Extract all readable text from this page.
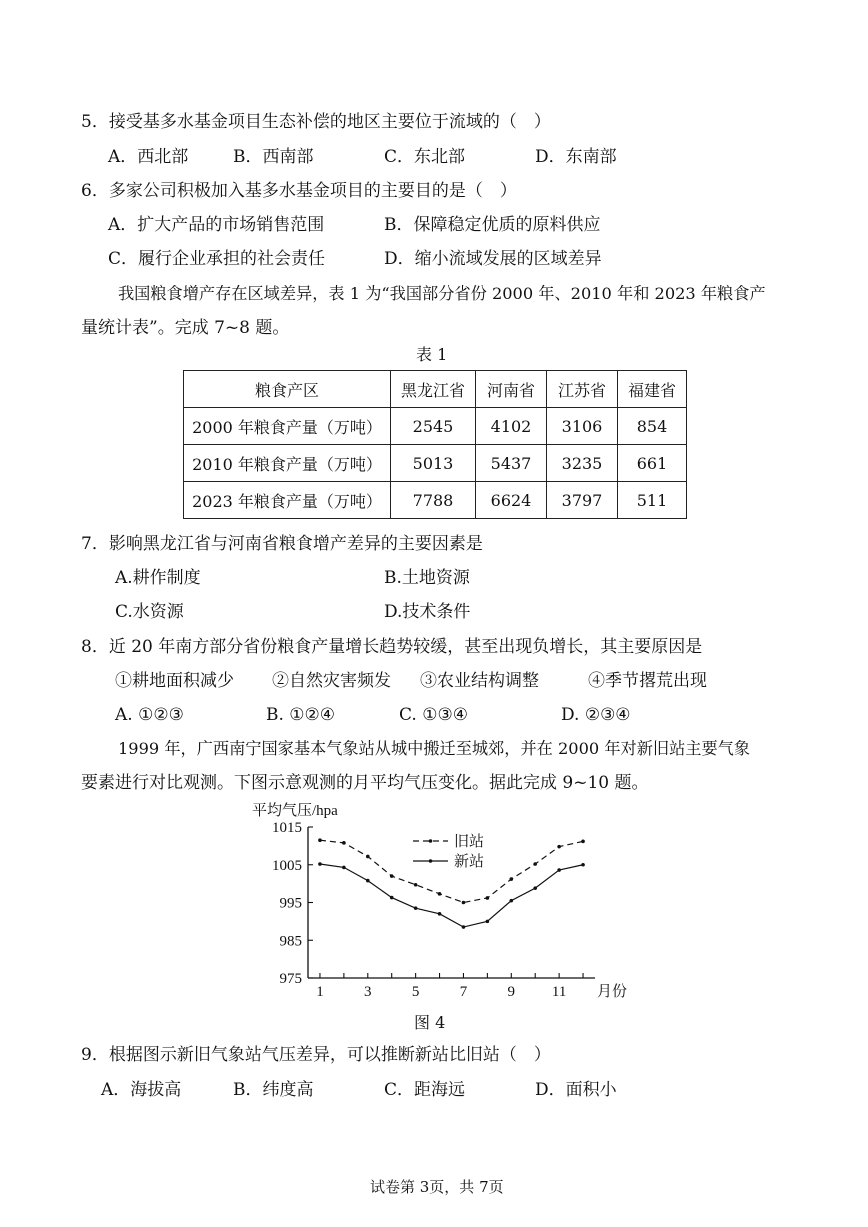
5．接受基多水基金项目生态补偿的地区主要位于流域的（　）
A．西北部	B．西南部	C．东北部	D．东南部
6．多家公司积极加入基多水基金项目的主要目的是（　）
A．扩大产品的市场销售范围	B．保障稳定优质的原料供应
C．履行企业承担的社会责任	D．缩小流域发展的区域差异
我国粮食增产存在区域差异，表 1 为“我国部分省份 2000 年、2010 年和 2023 年粮食产
量统计表”。完成 7~8 题。
表 1
粮食产区	黑龙江省	河南省	江苏省	福建省
2000 年粮食产量（万吨）	2545	4102	3106	854
2010 年粮食产量（万吨）	5013	5437	3235	661
2023 年粮食产量（万吨）	7788	6624	3797	511
7．影响黑龙江省与河南省粮食增产差异的主要因素是
A.耕作制度	B.土地资源
C.水资源	D.技术条件
8．近 20 年南方部分省份粮食产量增长趋势较缓，甚至出现负增长，其主要原因是
①耕地面积减少 ②自然灾害频发 ③农业结构调整	④季节撂荒出现
A. ①②③	B. ①②④	C. ①③④	D. ②③④
1999 年，广西南宁国家基本气象站从城中搬迁至城郊，并在 2000 年对新旧站主要气象
要素进行对比观测。下图示意观测的月平均气压变化。据此完成 9~10 题。
1015
1005
995
985
975
1	3	5	7	9 11
平均气压/hpa
月份
旧站
新站
图 4
9．根据图示新旧气象站气压差异，可以推断新站比旧站（　）
A．海拔高	B．纬度高	C．距海远	D．面积小
试卷第 3页，共 7页
